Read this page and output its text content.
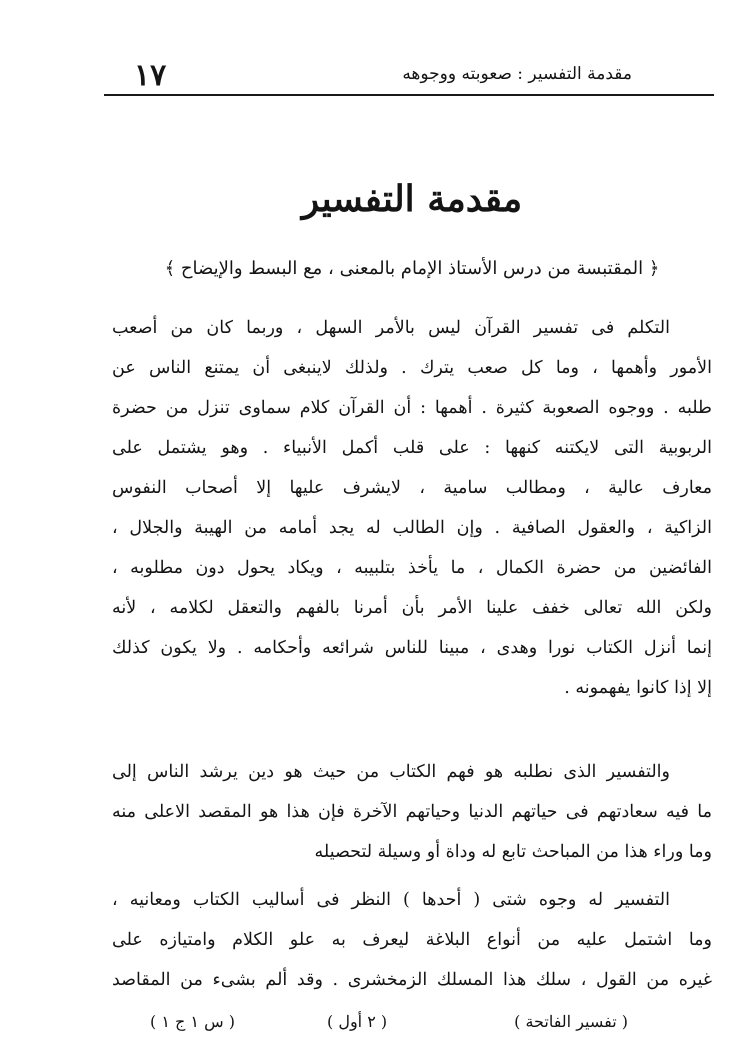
١٧	مقدمة التفسير : صعوبته ووجوهه
مقدمة التفسير
﴿ المقتبسة من درس الأستاذ الإمام بالمعنى ، مع البسط والإيضاح ﴾
التكلم فى تفسير القرآن ليس بالأمر السهل ، وربما كان من أصعب
الأمور وأهمها ، وما كل صعب يترك . ولذلك لاينبغى أن يمتنع الناس عن
طلبه . ووجوه الصعوبة كثيرة . أهمها : أن القرآن كلام سماوى تنزل من حضرة
الربوبية التى لايكتنه كنهها : على قلب أكمل الأنبياء . وهو يشتمل على
معارف عالية ، ومطالب سامية ، لايشرف عليها إلا أصحاب النفوس
الزاكية ، والعقول الصافية . وإن الطالب له يجد أمامه من الهيبة والجلال ،
الفائضين من حضرة الكمال ، ما يأخذ بتلبيبه ، ويكاد يحول دون مطلوبه ،
ولكن الله تعالى خفف علينا الأمر بأن أمرنا بالفهم والتعقل لكلامه ، لأنه
إنما أنزل الكتاب نورا وهدى ، مبينا للناس شرائعه وأحكامه . ولا يكون كذلك
إلا إذا كانوا يفهمونه .
والتفسير الذى نطلبه هو فهم الكتاب من حيث هو دين يرشد الناس إلى
ما فيه سعادتهم فى حياتهم الدنيا وحياتهم الآخرة فإن هذا هو المقصد الاعلى منه
وما وراء هذا من المباحث تابع له وداة أو وسيلة لتحصيله
التفسير له وجوه شتى ( أحدها ) النظر فى أساليب الكتاب ومعانيه ،
وما اشتمل عليه من أنواع البلاغة ليعرف به علو الكلام وامتيازه على
غيره من القول ، سلك هذا المسلك الزمخشرى . وقد ألم بشىء من المقاصد
( س ١ ج ١ )	( ٢ أول )	( تفسير الفاتحة )
